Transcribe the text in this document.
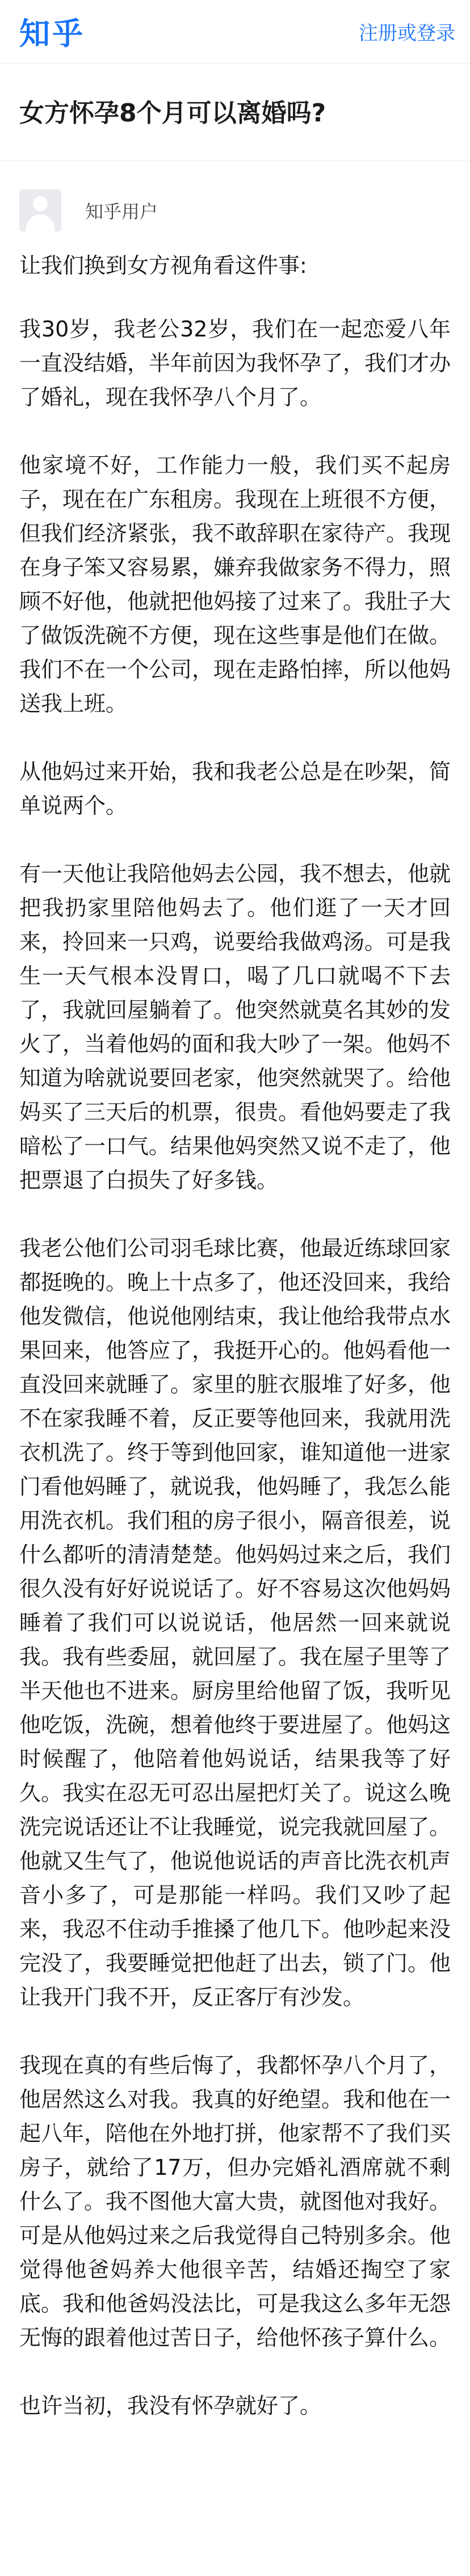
知乎	注册或登录
女方怀孕8个月可以离婚吗?
知乎用户

让我们换到女方视角看这件事:

我30岁，我老公32岁，我们在一起恋爱八年一直没结婚，半年前因为我怀孕了，我们才办了婚礼，现在我怀孕八个月了。

他家境不好，工作能力一般，我们买不起房子，现在在广东租房。我现在上班很不方便，但我们经济紧张，我不敢辞职在家待产。我现在身子笨又容易累，嫌弃我做家务不得力，照顾不好他，他就把他妈接了过来了。我肚子大了做饭洗碗不方便，现在这些事是他们在做。我们不在一个公司，现在走路怕摔，所以他妈送我上班。

从他妈过来开始，我和我老公总是在吵架，简单说两个。

有一天他让我陪他妈去公园，我不想去，他就把我扔家里陪他妈去了。他们逛了一天才回来，拎回来一只鸡，说要给我做鸡汤。可是我生一天气根本没胃口，喝了几口就喝不下去了，我就回屋躺着了。他突然就莫名其妙的发火了，当着他妈的面和我大吵了一架。他妈不知道为啥就说要回老家，他突然就哭了。给他妈买了三天后的机票，很贵。看他妈要走了我暗松了一口气。结果他妈突然又说不走了，他把票退了白损失了好多钱。

我老公他们公司羽毛球比赛，他最近练球回家都挺晚的。晚上十点多了，他还没回来，我给他发微信，他说他刚结束，我让他给我带点水果回来，他答应了，我挺开心的。他妈看他一直没回来就睡了。家里的脏衣服堆了好多，他不在家我睡不着，反正要等他回来，我就用洗衣机洗了。终于等到他回家，谁知道他一进家门看他妈睡了，就说我，他妈睡了，我怎么能用洗衣机。我们租的房子很小，隔音很差，说什么都听的清清楚楚。他妈妈过来之后，我们很久没有好好说说话了。好不容易这次他妈妈睡着了我们可以说说话，他居然一回来就说我。我有些委屈，就回屋了。我在屋子里等了半天他也不进来。厨房里给他留了饭，我听见他吃饭，洗碗，想着他终于要进屋了。他妈这时候醒了，他陪着他妈说话，结果我等了好久。我实在忍无可忍出屋把灯关了。说这么晚洗完说话还让不让我睡觉，说完我就回屋了。他就又生气了，他说他说话的声音比洗衣机声音小多了，可是那能一样吗。我们又吵了起来，我忍不住动手推搡了他几下。他吵起来没完没了，我要睡觉把他赶了出去，锁了门。他让我开门我不开，反正客厅有沙发。

我现在真的有些后悔了，我都怀孕八个月了，他居然这么对我。我真的好绝望。我和他在一起八年，陪他在外地打拼，他家帮不了我们买房子，就给了17万，但办完婚礼酒席就不剩什么了。我不图他大富大贵，就图他对我好。可是从他妈过来之后我觉得自己特别多余。他觉得他爸妈养大他很辛苦，结婚还掏空了家底。我和他爸妈没法比，可是我这么多年无怨无悔的跟着他过苦日子，给他怀孩子算什么。

也许当初，我没有怀孕就好了。
